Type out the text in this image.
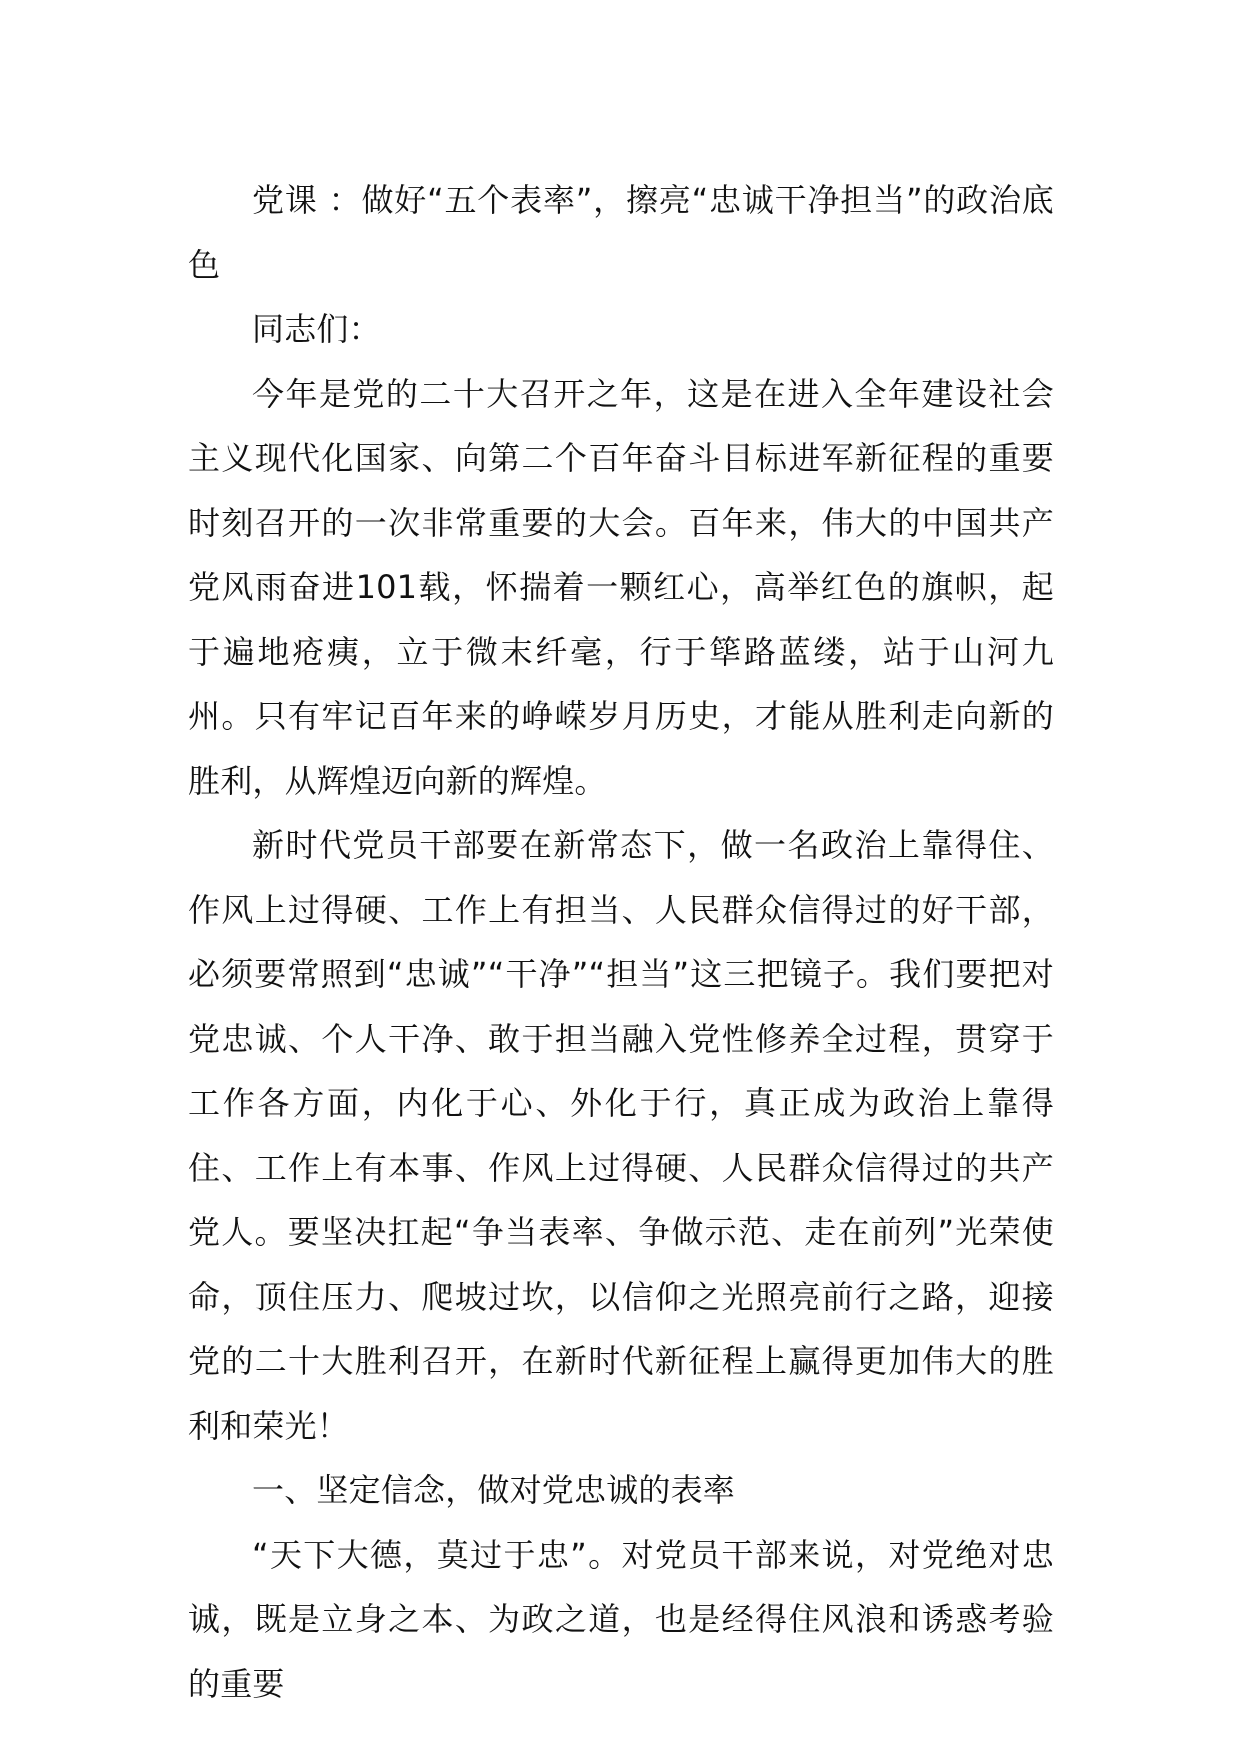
党课 ：做好“五个表率”，擦亮“忠诚干净担当”的政治底色

同志们：

今年是党的二十大召开之年，这是在进入全年建设社会主义现代化国家、向第二个百年奋斗目标进军新征程的重要时刻召开的一次非常重要的大会。百年来，伟大的中国共产党风雨奋进101载，怀揣着一颗红心，高举红色的旗帜，起于遍地疮痍，立于微末纤毫，行于筚路蓝缕，站于山河九州。只有牢记百年来的峥嵘岁月历史，才能从胜利走向新的胜利，从辉煌迈向新的辉煌。

新时代党员干部要在新常态下，做一名政治上靠得住、作风上过得硬、工作上有担当、人民群众信得过的好干部，必须要常照到“忠诚”“干净”“担当”这三把镜子。我们要把对党忠诚、个人干净、敢于担当融入党性修养全过程，贯穿于工作各方面，内化于心、外化于行，真正成为政治上靠得住、工作上有本事、作风上过得硬、人民群众信得过的共产党人。要坚决扛起“争当表率、争做示范、走在前列”光荣使命，顶住压力、爬坡过坎，以信仰之光照亮前行之路，迎接党的二十大胜利召开，在新时代新征程上赢得更加伟大的胜利和荣光！

一、坚定信念，做对党忠诚的表率

“天下大德，莫过于忠”。对党员干部来说，对党绝对忠诚，既是立身之本、为政之道，也是经得住风浪和诱惑考验的重要
